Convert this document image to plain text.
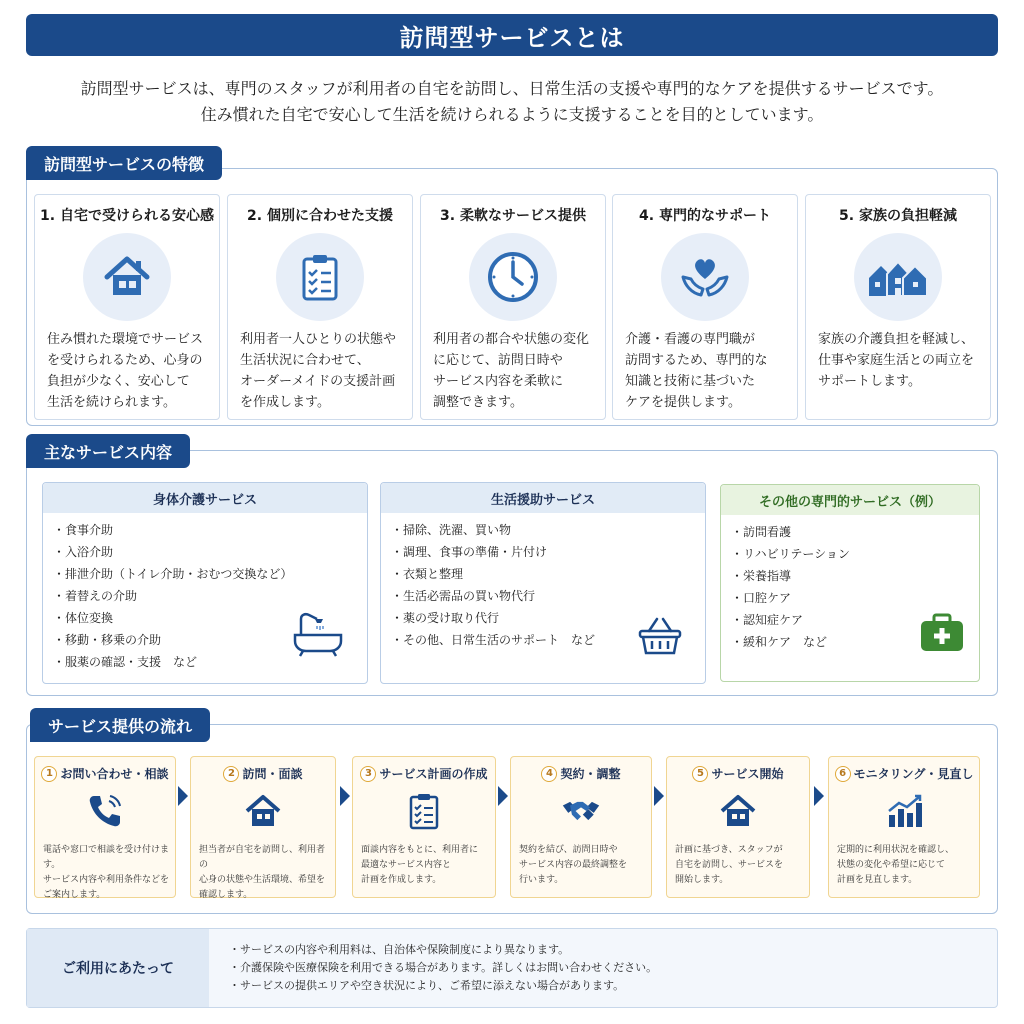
訪問型サービスとは
訪問型サービスは、専門のスタッフが利用者の自宅を訪問し、日常生活の支援や専門的なケアを提供するサービスです。
住み慣れた自宅で安心して生活を続けられるように支援することを目的としています。
訪問型サービスの特徴
1. 自宅で受けられる安心感
住み慣れた環境でサービス
を受けられるため、心身の
負担が少なく、安心して
生活を続けられます。
2. 個別に合わせた支援
利用者一人ひとりの状態や
生活状況に合わせて、
オーダーメイドの支援計画
を作成します。
3. 柔軟なサービス提供
利用者の都合や状態の変化
に応じて、訪問日時や
サービス内容を柔軟に
調整できます。
4. 専門的なサポート
介護・看護の専門職が
訪問するため、専門的な
知識と技術に基づいた
ケアを提供します。
5. 家族の負担軽減
家族の介護負担を軽減し、
仕事や家庭生活との両立を
サポートします。
主なサービス内容
身体介護サービス
・食事介助
・入浴介助
・排泄介助（トイレ介助・おむつ交換など）
・着替えの介助
・体位変換
・移動・移乗の介助
・服薬の確認・支援　など
生活援助サービス
・掃除、洗濯、買い物
・調理、食事の準備・片付け
・衣類と整理
・生活必需品の買い物代行
・薬の受け取り代行
・その他、日常生活のサポート　など
その他の専門的サービス（例）
・訪問看護
・リハビリテーション
・栄養指導
・口腔ケア
・認知症ケア
・緩和ケア　など
サービス提供の流れ
1 お問い合わせ・相談
電話や窓口で相談を受け付けます。
サービス内容や利用条件などを
ご案内します。
2 訪問・面談
担当者が自宅を訪問し、利用者の
心身の状態や生活環境、希望を
確認します。
3 サービス計画の作成
面談内容をもとに、利用者に
最適なサービス内容と
計画を作成します。
4 契約・調整
契約を結び、訪問日時や
サービス内容の最終調整を
行います。
5 サービス開始
計画に基づき、スタッフが
自宅を訪問し、サービスを
開始します。
6 モニタリング・見直し
定期的に利用状況を確認し、
状態の変化や希望に応じて
計画を見直します。
ご利用にあたって
・サービスの内容や利用料は、自治体や保険制度により異なります。
・介護保険や医療保険を利用できる場合があります。詳しくはお問い合わせください。
・サービスの提供エリアや空き状況により、ご希望に添えない場合があります。
